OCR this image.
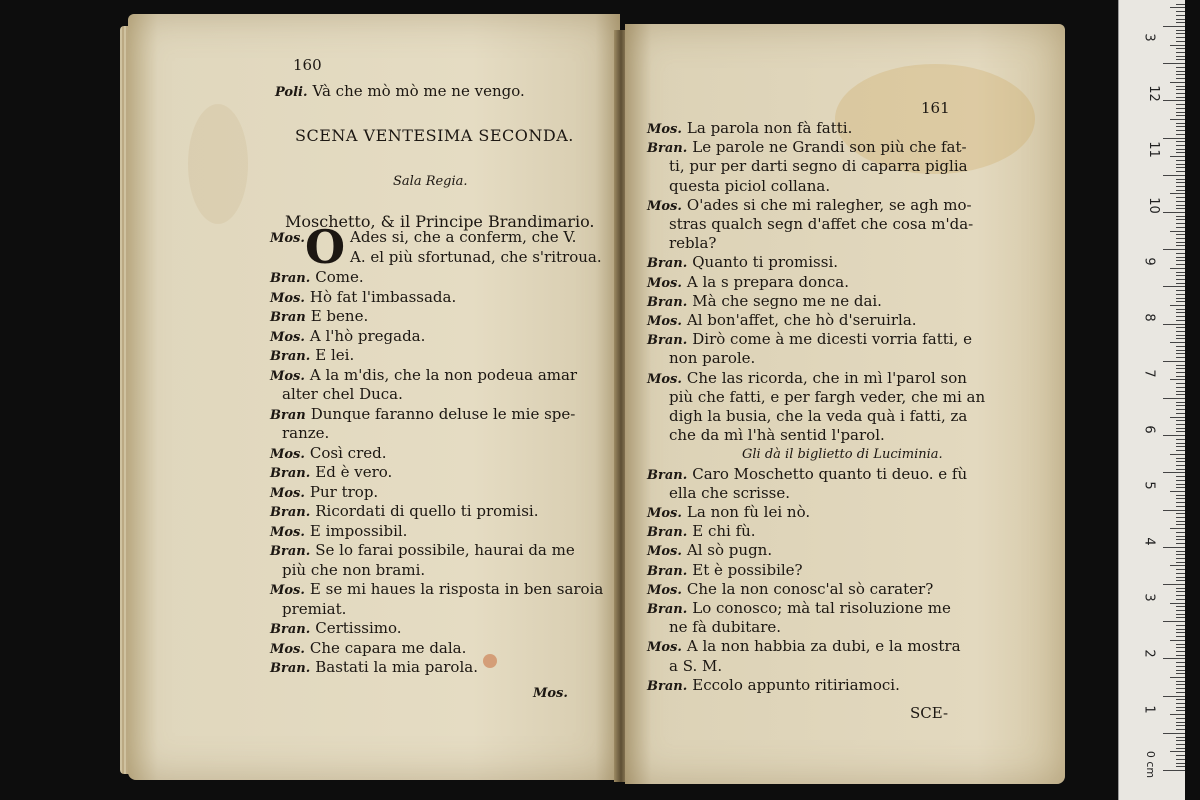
160
Poli. Và che mò mò me ne vengo.
SCENA VENTESIMA SECONDA.
Sala Regia.
Moschetto, & il Principe Brandimario.
Mos. O Ades si, che a conferm, che V.
A. el più sfortunad, che s'ritroua.
Bran. Come.
Mos. Hò fat l'imbassada.
Bran E bene.
Mos. A l'hò pregada.
Bran. E lei.
Mos. A la m'dis, che la non podeua amar
alter chel Duca.
Bran Dunque faranno deluse le mie spe-
ranze.
Mos. Così cred.
Bran. Ed è vero.
Mos. Pur trop.
Bran. Ricordati di quello ti promisi.
Mos. E impossibil.
Bran. Se lo farai possibile, haurai da me
più che non brami.
Mos. E se mi haues la risposta in ben saroia
premiat.
Bran. Certissimo.
Mos. Che capara me dala.
Bran. Bastati la mia parola.
Mos.
161
Mos. La parola non fà fatti.
Bran. Le parole ne Grandi son più che fat-
ti, pur per darti segno di caparra piglia
questa piciol collana.
Mos. O'ades si che mi ralegher, se agh mo-
stras qualch segn d'affet che cosa m'da-
rebla?
Bran. Quanto ti promissi.
Mos. A la s prepara donca.
Bran. Mà che segno me ne dai.
Mos. Al bon'affet, che hò d'seruirla.
Bran. Dirò come à me dicesti vorria fatti, e
non parole.
Mos. Che las ricorda, che in mì l'parol son
più che fatti, e per fargh veder, che mi an
digh la busia, che la veda quà i fatti, za
che da mì l'hà sentid l'parol.
Gli dà il biglietto di Luciminia.
Bran. Caro Moschetto quanto ti deuo. e fù
ella che scrisse.
Mos. La non fù lei nò.
Bran. E chi fù.
Mos. Al sò pugn.
Bran. Et è possibile?
Mos. Che la non conosc'al sò carater?
Bran. Lo conosco; mà tal risoluzione me
ne fà dubitare.
Mos. A la non habbia za dubi, e la mostra
a S. M.
Bran. Eccolo appunto ritiriamoci.
SCE-
3
12
11
10
9
8
7
6
5
4
3
2
1
0 cm
